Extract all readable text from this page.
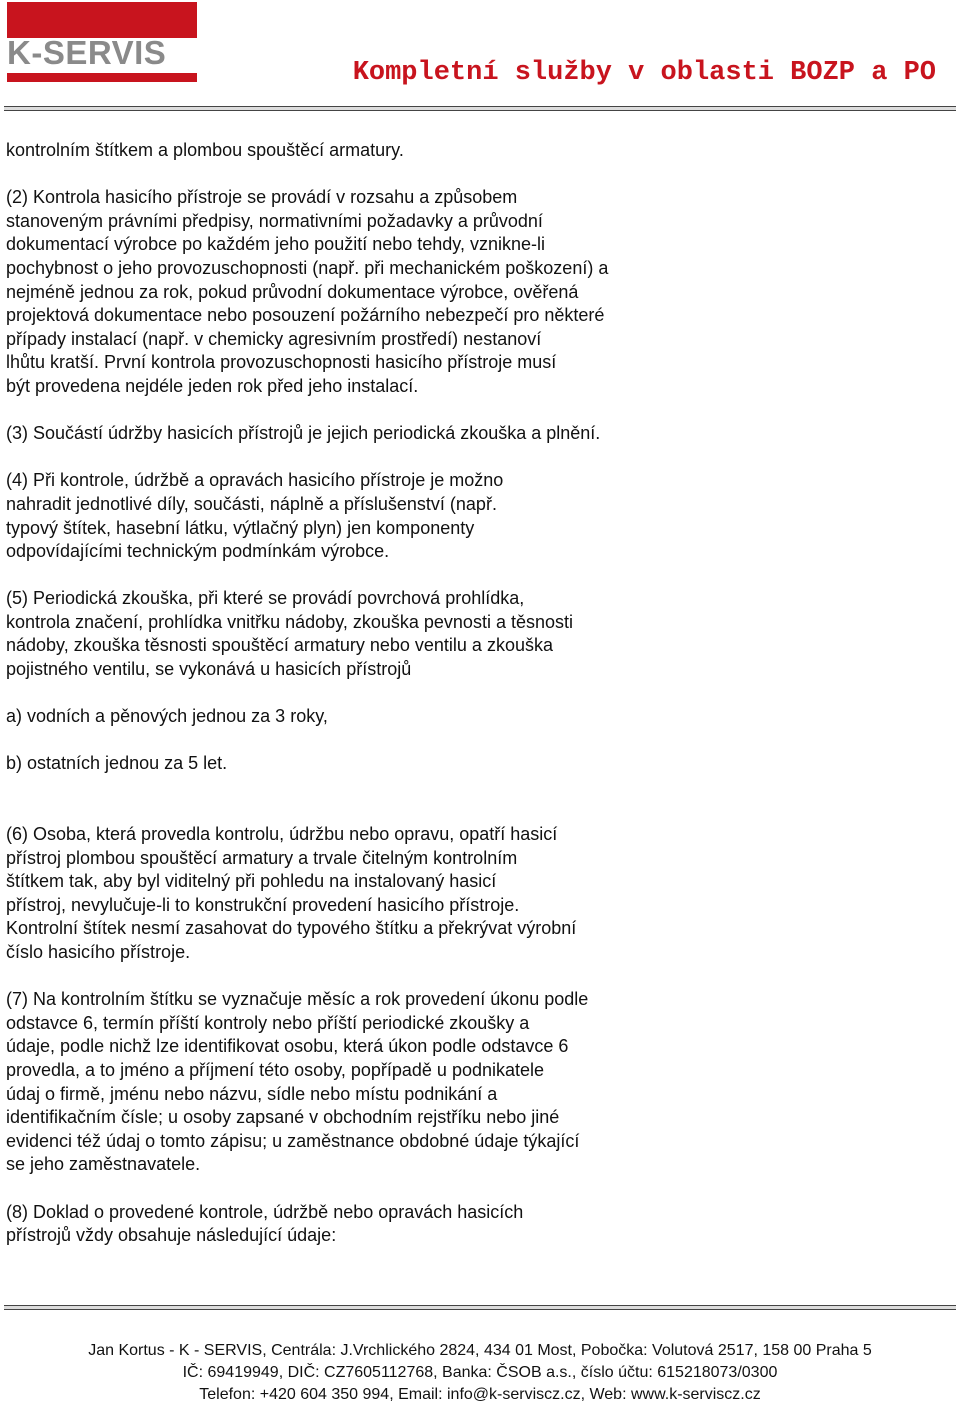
K-SERVIS
Kompletní služby v oblasti BOZP a PO

kontrolním štítkem a plombou spouštěcí armatury.

(2) Kontrola hasicího přístroje se provádí v rozsahu a způsobem
stanoveným právními předpisy, normativními požadavky a průvodní
dokumentací výrobce po každém jeho použití nebo tehdy, vznikne-li
pochybnost o jeho provozuschopnosti (např. při mechanickém poškození) a
nejméně jednou za rok, pokud průvodní dokumentace výrobce, ověřená
projektová dokumentace nebo posouzení požárního nebezpečí pro některé
případy instalací (např. v chemicky agresivním prostředí) nestanoví
lhůtu kratší. První kontrola provozuschopnosti hasicího přístroje musí
být provedena nejdéle jeden rok před jeho instalací.

(3) Součástí údržby hasicích přístrojů je jejich periodická zkouška a plnění.

(4) Při kontrole, údržbě a opravách hasicího přístroje je možno
nahradit jednotlivé díly, součásti, náplně a příslušenství (např.
typový štítek, hasební látku, výtlačný plyn) jen komponenty
odpovídajícími technickým podmínkám výrobce.

(5) Periodická zkouška, při které se provádí povrchová prohlídka,
kontrola značení, prohlídka vnitřku nádoby, zkouška pevnosti a těsnosti
nádoby, zkouška těsnosti spouštěcí armatury nebo ventilu a zkouška
pojistného ventilu, se vykonává u hasicích přístrojů

a) vodních a pěnových jednou za 3 roky,

b) ostatních jednou za 5 let.

(6) Osoba, která provedla kontrolu, údržbu nebo opravu, opatří hasicí
přístroj plombou spouštěcí armatury a trvale čitelným kontrolním
štítkem tak, aby byl viditelný při pohledu na instalovaný hasicí
přístroj, nevylučuje-li to konstrukční provedení hasicího přístroje.
Kontrolní štítek nesmí zasahovat do typového štítku a překrývat výrobní
číslo hasicího přístroje.

(7) Na kontrolním štítku se vyznačuje měsíc a rok provedení úkonu podle
odstavce 6, termín příští kontroly nebo příští periodické zkoušky a
údaje, podle nichž lze identifikovat osobu, která úkon podle odstavce 6
provedla, a to jméno a příjmení této osoby, popřípadě u podnikatele
údaj o firmě, jménu nebo názvu, sídle nebo místu podnikání a
identifikačním čísle; u osoby zapsané v obchodním rejstříku nebo jiné
evidenci též údaj o tomto zápisu; u zaměstnance obdobné údaje týkající
se jeho zaměstnavatele.

(8) Doklad o provedené kontrole, údržbě nebo opravách hasicích
přístrojů vždy obsahuje následující údaje:

Jan Kortus - K - SERVIS, Centrála: J.Vrchlického 2824, 434 01 Most, Pobočka: Volutová 2517, 158 00 Praha 5
IČ: 69419949, DIČ: CZ7605112768, Banka: ČSOB a.s., číslo účtu: 615218073/0300
Telefon: +420 604 350 994, Email: info@k-serviscz.cz, Web: www.k-serviscz.cz
